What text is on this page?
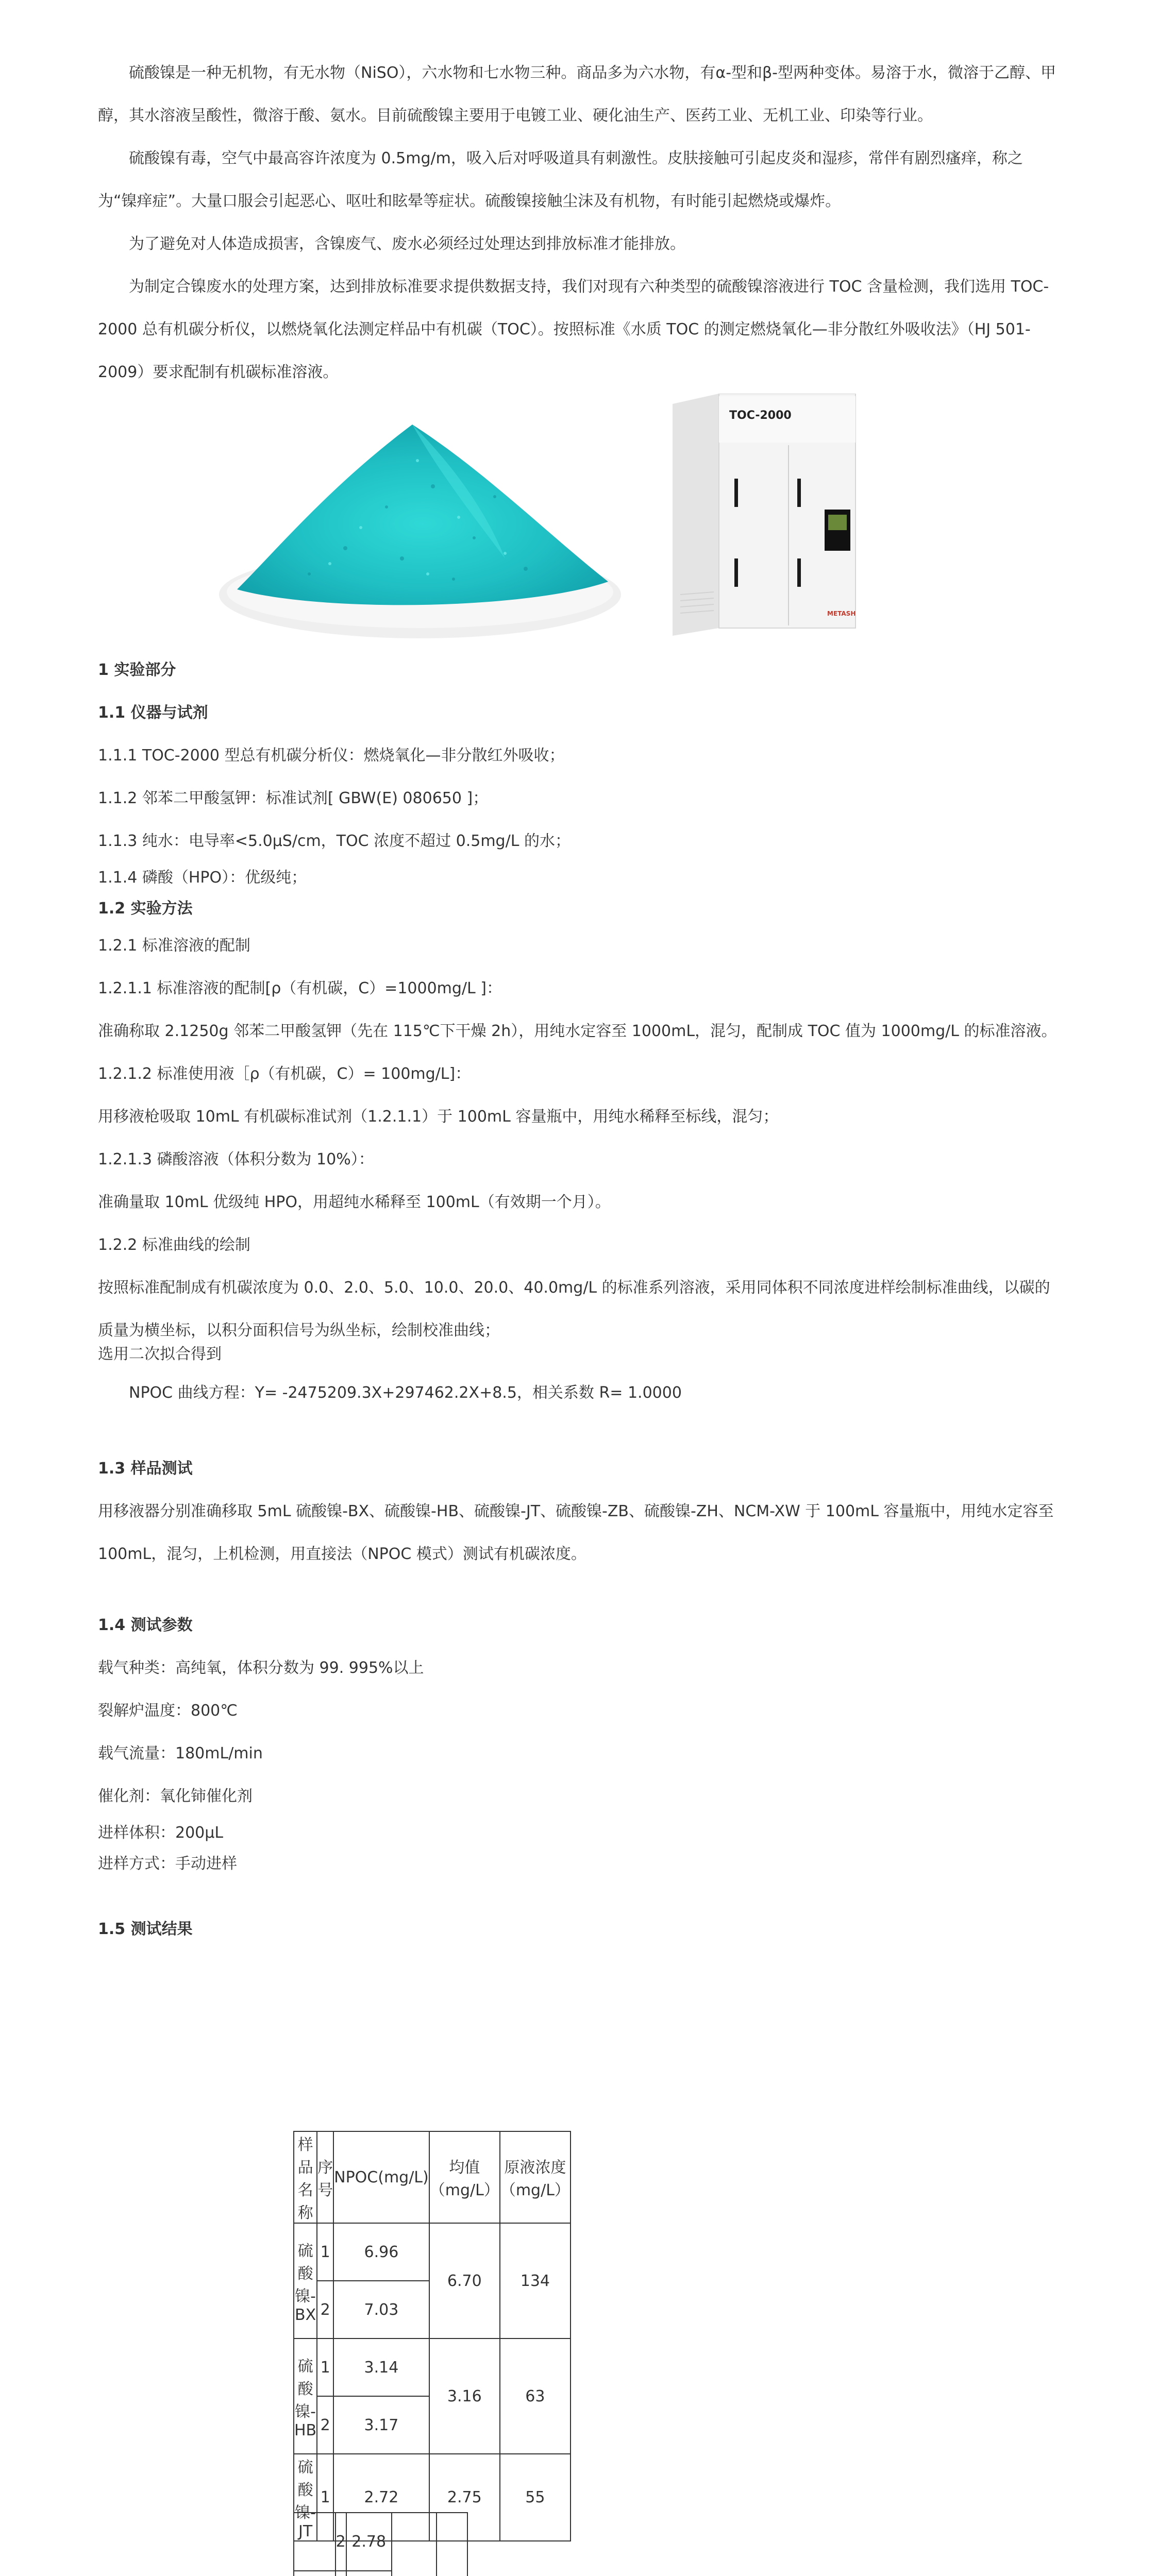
硫酸镍是一种无机物，有无水物（NiSO），六水物和七水物三种。商品多为六水物，有α-型和β-型两种变体。易溶于水，微溶于乙醇、甲醇，其水溶液呈酸性，微溶于酸、氨水。目前硫酸镍主要用于电镀工业、硬化油生产、医药工业、无机工业、印染等行业。

硫酸镍有毒，空气中最高容许浓度为 0.5mg/m，吸入后对呼吸道具有刺激性。皮肤接触可引起皮炎和湿疹，常伴有剧烈瘙痒，称之为“镍痒症”。大量口服会引起恶心、呕吐和眩晕等症状。硫酸镍接触尘沫及有机物，有时能引起燃烧或爆炸。

为了避免对人体造成损害，含镍废气、废水必须经过处理达到排放标准才能排放。

为制定合镍废水的处理方案，达到排放标准要求提供数据支持，我们对现有六种类型的硫酸镍溶液进行 TOC 含量检测，我们选用 TOC-2000 总有机碳分析仪，以燃烧氧化法测定样品中有机碳（TOC）。按照标准《水质 TOC 的测定燃烧氧化—非分散红外吸收法》（HJ 501-2009）要求配制有机碳标准溶液。

TOC-2000
METASH

1 实验部分

1.1 仪器与试剂

1.1.1 TOC-2000 型总有机碳分析仪：燃烧氧化—非分散红外吸收；

1.1.2 邻苯二甲酸氢钾：标准试剂[ GBW(E) 080650 ]；

1.1.3 纯水：电导率<5.0μS/cm，TOC 浓度不超过 0.5mg/L 的水；

1.1.4 磷酸（HPO）：优级纯；

1.2 实验方法

1.2.1 标准溶液的配制

1.2.1.1 标准溶液的配制[ρ（有机碳，C）=1000mg/L ]：

准确称取 2.1250g 邻苯二甲酸氢钾（先在 115℃下干燥 2h），用纯水定容至 1000mL，混匀，配制成 TOC 值为 1000mg/L 的标准溶液。

1.2.1.2 标准使用液［ρ（有机碳，C）= 100mg/L]：

用移液枪吸取 10mL 有机碳标准试剂（1.2.1.1）于 100mL 容量瓶中，用纯水稀释至标线，混匀；

1.2.1.3 磷酸溶液（体积分数为 10%）：

准确量取 10mL 优级纯 HPO，用超纯水稀释至 100mL（有效期一个月）。

1.2.2 标准曲线的绘制

按照标准配制成有机碳浓度为 0.0、2.0、5.0、10.0、20.0、40.0mg/L 的标准系列溶液，采用同体积不同浓度进样绘制标准曲线，以碳的质量为横坐标，以积分面积信号为纵坐标，绘制校准曲线；

选用二次拟合得到

NPOC 曲线方程：Y= -2475209.3X+297462.2X+8.5，相关系数 R= 1.0000

1.3 样品测试

用移液器分别准确移取 5mL 硫酸镍-BX、硫酸镍-HB、硫酸镍-JT、硫酸镍-ZB、硫酸镍-ZH、NCM-XW 于 100mL 容量瓶中，用纯水定容至 100mL，混匀，上机检测，用直接法（NPOC 模式）测试有机碳浓度。

1.4 测试参数

载气种类：高纯氧，体积分数为 99. 995%以上

裂解炉温度：800℃

载气流量：180mL/min

催化剂：氧化铈催化剂

进样体积：200μL

进样方式：手动进样

1.5 测试结果

样品名称	序号	NPOC(mg/L)	均值（mg/L）	原液浓度（mg/L）
硫酸镍-BX	1	6.96	6.70	134
	2	7.03		
硫酸镍-HB	1	3.14	3.16	63
	2	3.17		
硫酸镍-JT	1	2.72	2.75	55
	2	2.78		
